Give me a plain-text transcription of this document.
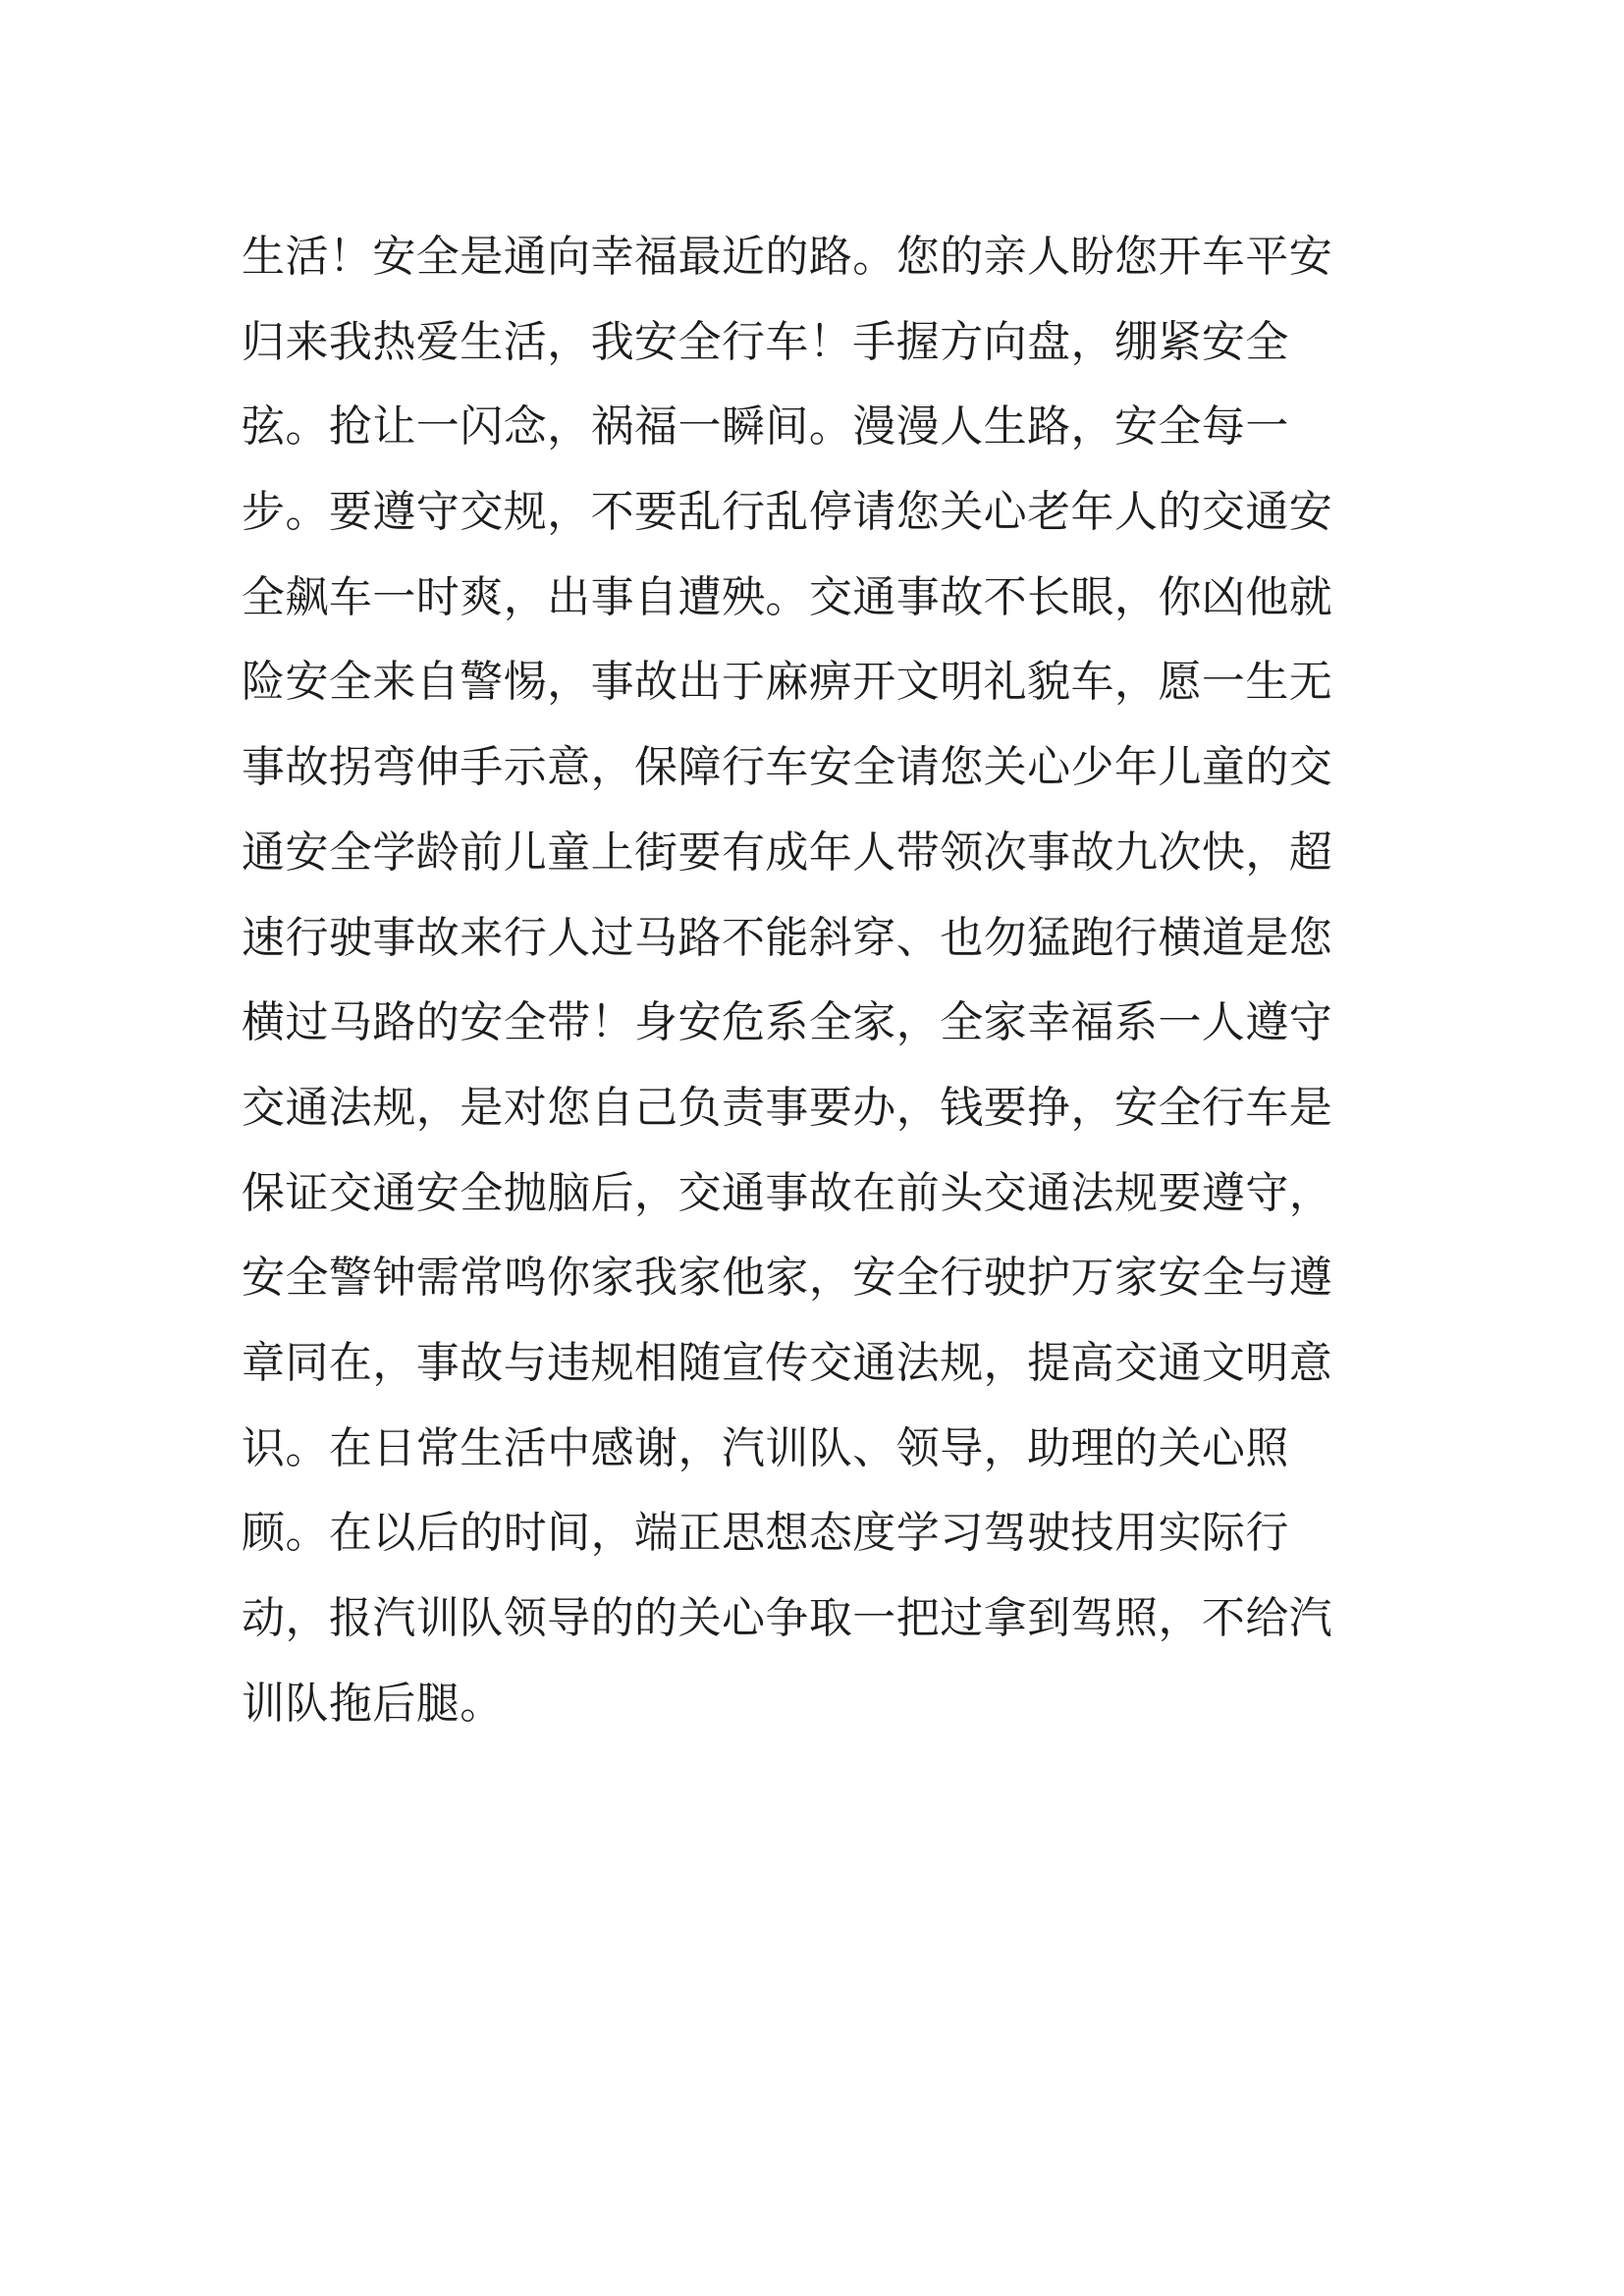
生活！安全是通向幸福最近的路。您的亲人盼您开车平安
归来我热爱生活，我安全行车！手握方向盘，绷紧安全
弦。抢让一闪念，祸福一瞬间。漫漫人生路，安全每一
步。要遵守交规，不要乱行乱停请您关心老年人的交通安
全飙车一时爽，出事自遭殃。交通事故不长眼，你凶他就
险安全来自警惕，事故出于麻痹开文明礼貌车，愿一生无
事故拐弯伸手示意，保障行车安全请您关心少年儿童的交
通安全学龄前儿童上街要有成年人带领次事故九次快，超
速行驶事故来行人过马路不能斜穿、也勿猛跑行横道是您
横过马路的安全带！身安危系全家，全家幸福系一人遵守
交通法规，是对您自己负责事要办，钱要挣，安全行车是
保证交通安全抛脑后，交通事故在前头交通法规要遵守，
安全警钟需常鸣你家我家他家，安全行驶护万家安全与遵
章同在，事故与违规相随宣传交通法规，提高交通文明意
识。在日常生活中感谢，汽训队、领导，助理的关心照
顾。在以后的时间，端正思想态度学习驾驶技用实际行
动，报汽训队领导的的关心争取一把过拿到驾照，不给汽
训队拖后腿。
